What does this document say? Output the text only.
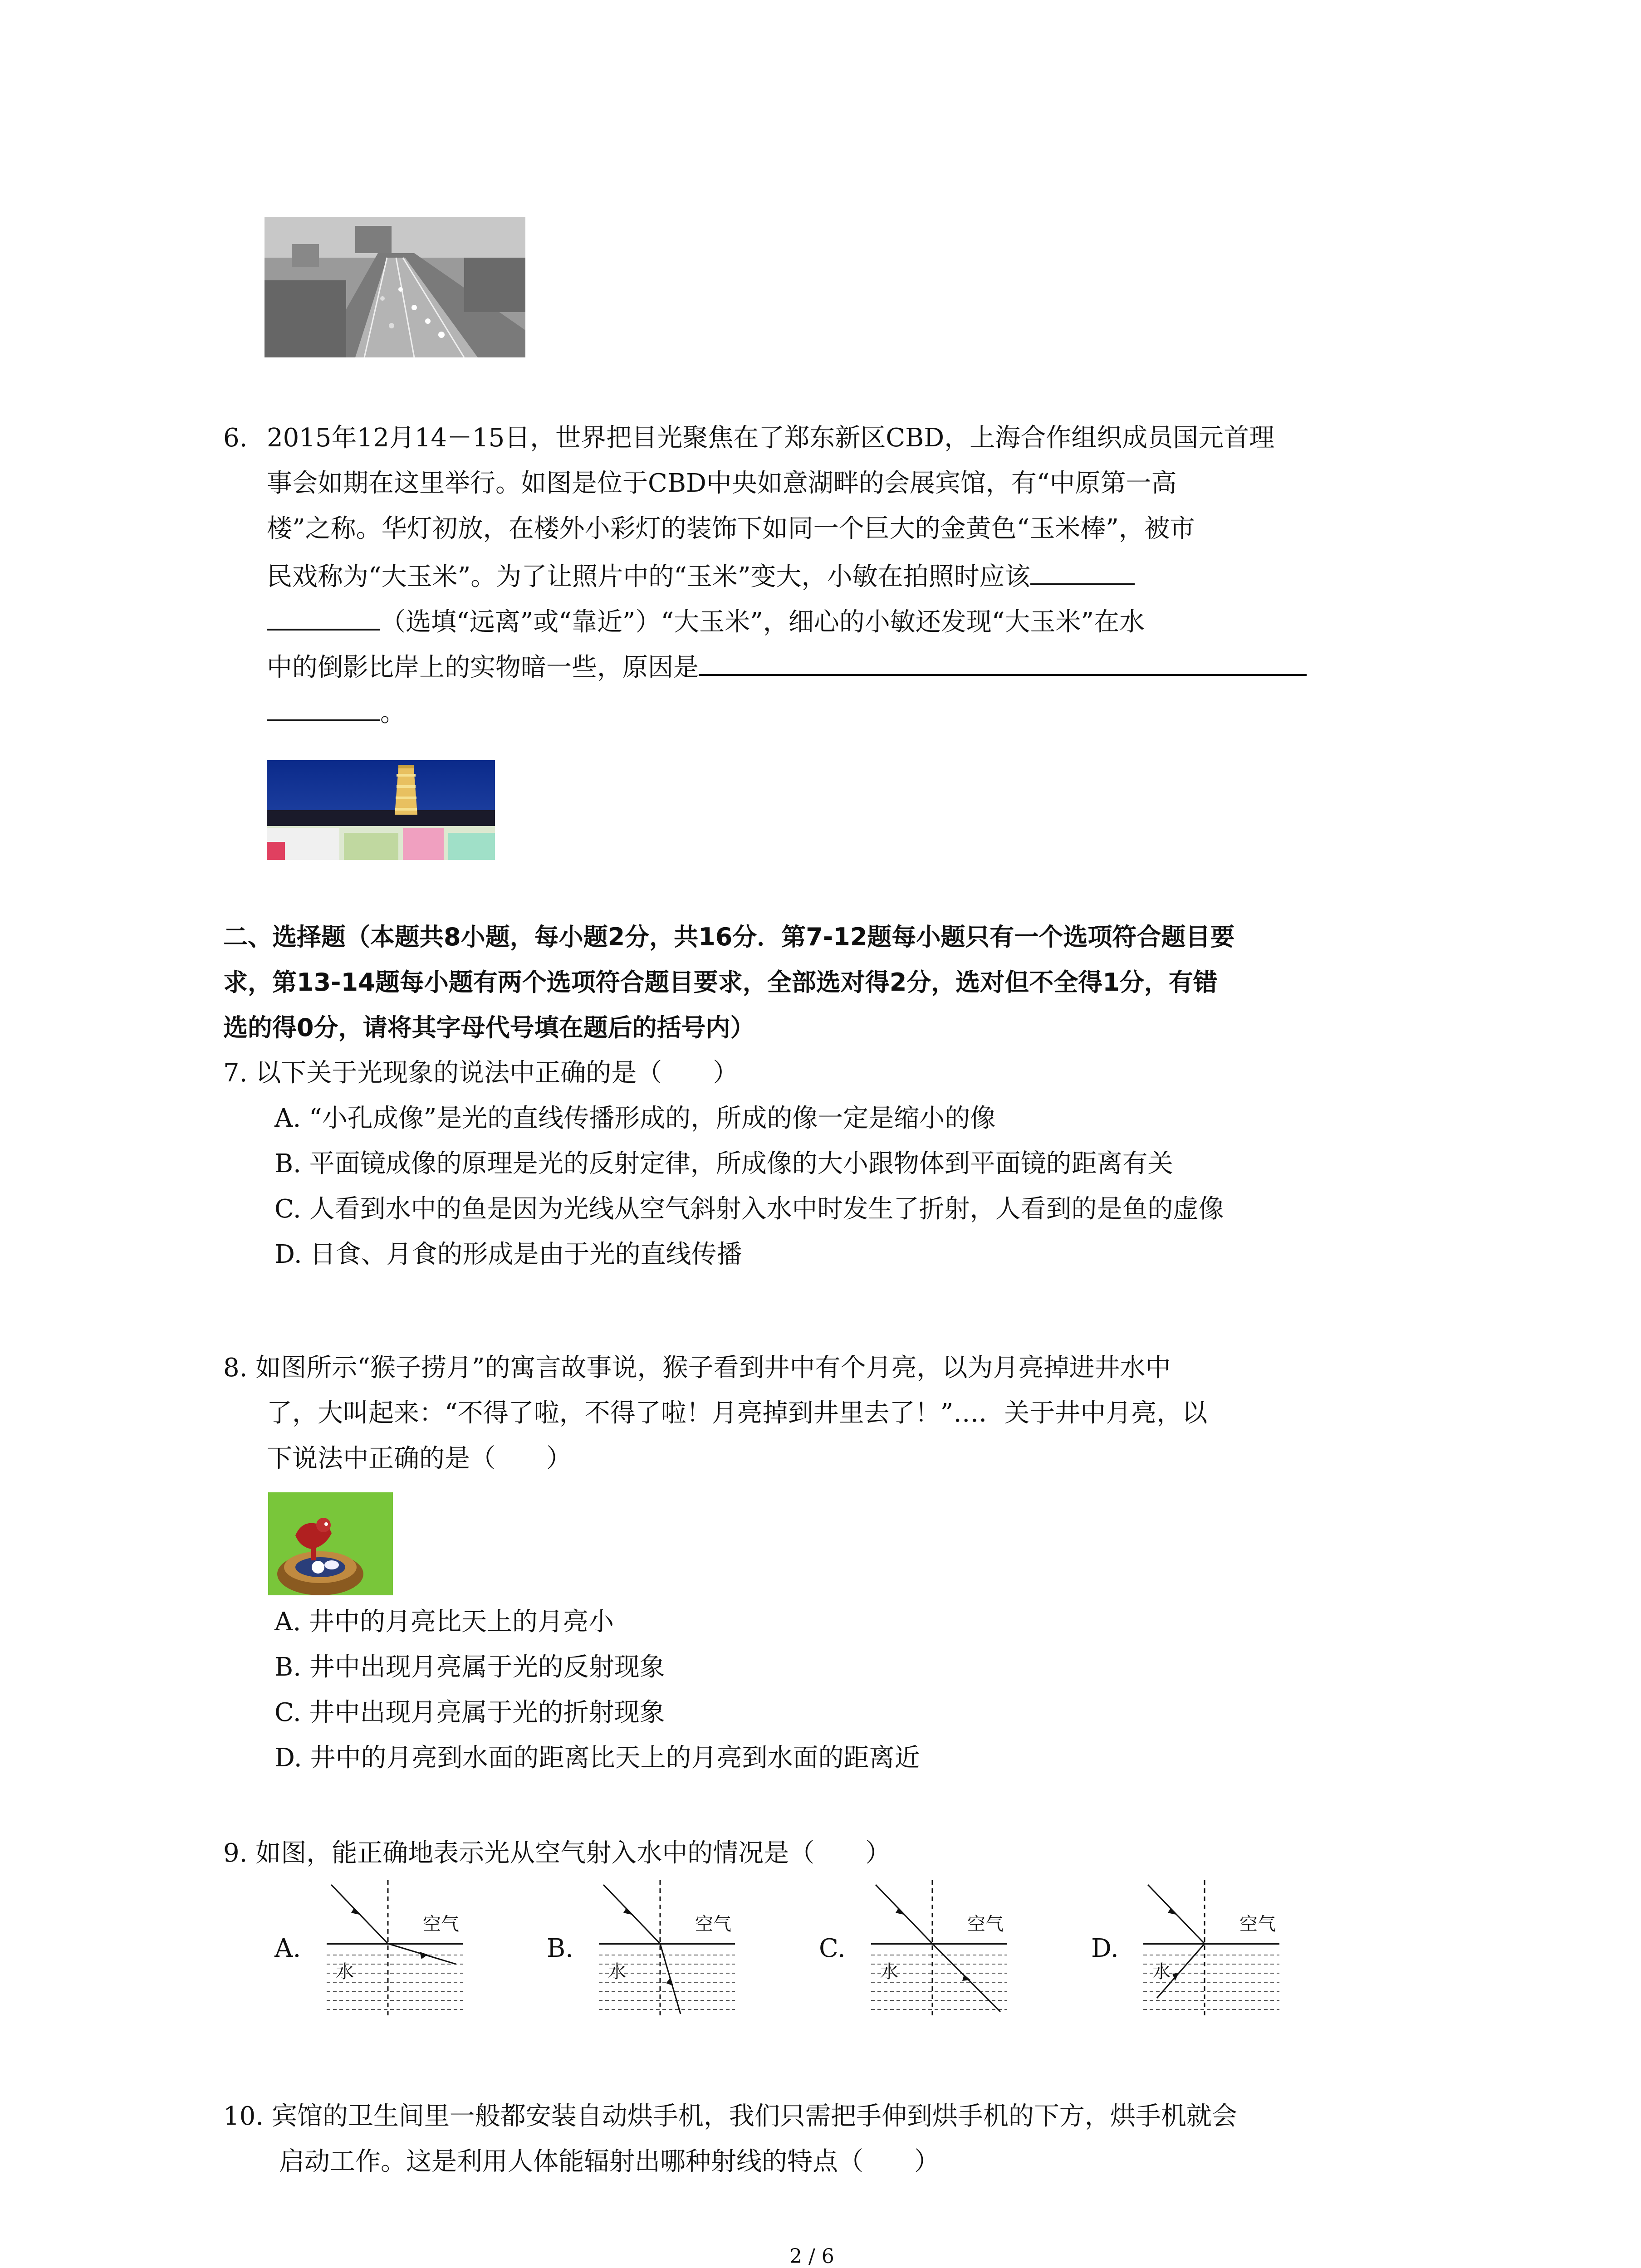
6. 2015年12月14－15日，世界把目光聚焦在了郑东新区CBD，上海合作组织成员国元首理
事会如期在这里举行。如图是位于CBD中央如意湖畔的会展宾馆，有“中原第一高
楼”之称。华灯初放，在楼外小彩灯的装饰下如同一个巨大的金黄色“玉米棒”，被市
民戏称为“大玉米”。为了让照片中的“玉米”变大，小敏在拍照时应该
（选填“远离”或“靠近”）“大玉米”，细心的小敏还发现“大玉米”在水
中的倒影比岸上的实物暗一些，原因是
。
二、选择题（本题共8小题，每小题2分，共16分．第7-12题每小题只有一个选项符合题目要
求，第13-14题每小题有两个选项符合题目要求，全部选对得2分，选对但不全得1分，有错
选的得0分，请将其字母代号填在题后的括号内）
7. 以下关于光现象的说法中正确的是（　　）
A. “小孔成像”是光的直线传播形成的，所成的像一定是缩小的像
B. 平面镜成像的原理是光的反射定律，所成像的大小跟物体到平面镜的距离有关
C. 人看到水中的鱼是因为光线从空气斜射入水中时发生了折射，人看到的是鱼的虚像
D. 日食、月食的形成是由于光的直线传播
8. 如图所示“猴子捞月”的寓言故事说，猴子看到井中有个月亮，以为月亮掉进井水中
了，大叫起来：“不得了啦，不得了啦！月亮掉到井里去了！”…．关于井中月亮，以
下说法中正确的是（　　）
A. 井中的月亮比天上的月亮小
B. 井中出现月亮属于光的反射现象
C. 井中出现月亮属于光的折射现象
D. 井中的月亮到水面的距离比天上的月亮到水面的距离近
9. 如图，能正确地表示光从空气射入水中的情况是（　　）
A.	B.	C.	D.
空气
水
空气
水
空气
水
空气
水
10. 宾馆的卫生间里一般都安装自动烘手机，我们只需把手伸到烘手机的下方，烘手机就会
启动工作。这是利用人体能辐射出哪种射线的特点（　　）
2 / 6
